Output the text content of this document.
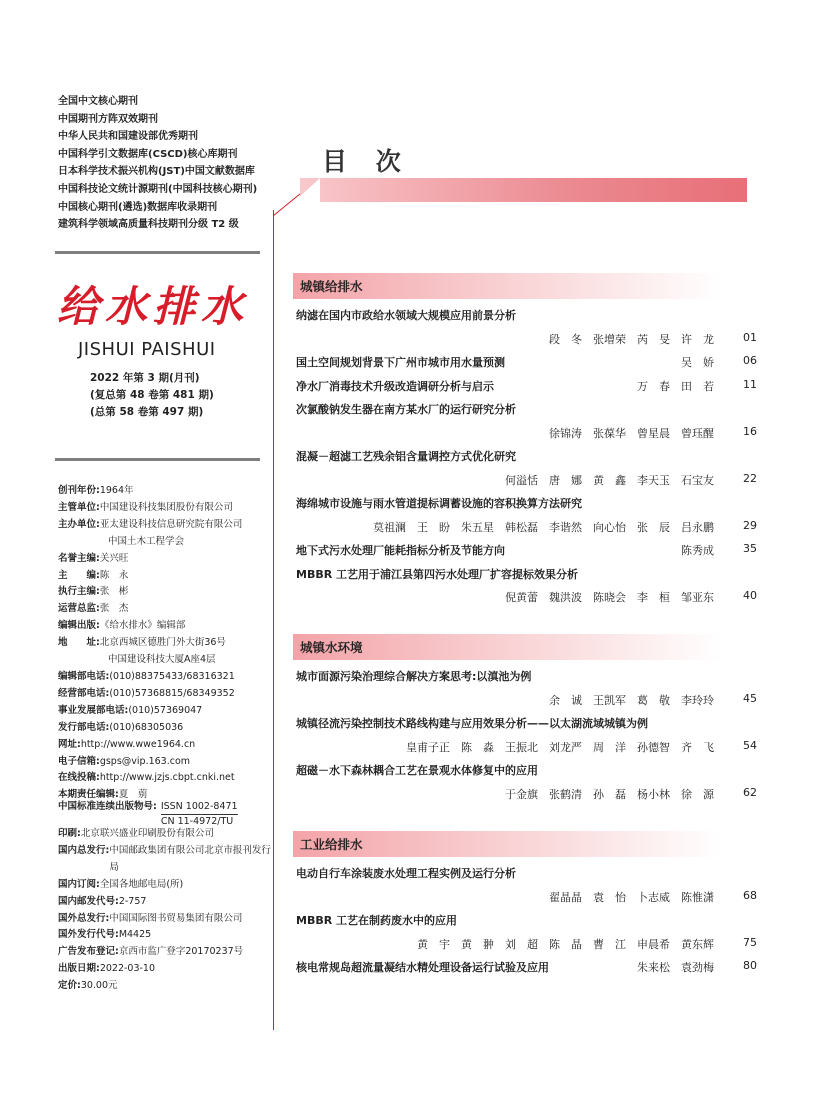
全国中文核心期刊
中国期刊方阵双效期刊
中华人民共和国建设部优秀期刊
中国科学引文数据库(CSCD)核心库期刊
日本科学技术振兴机构(JST)中国文献数据库
中国科技论文统计源期刊(中国科技核心期刊)
中国核心期刊(遴选)数据库收录期刊
建筑科学领域高质量科技期刊分级 T2 级
给水排水
JISHUI PAISHUI
2022 年第 3 期(月刊)
(复总第 48 卷第 481 期)
(总第 58 卷第 497 期)
创刊年份: 1964年
主管单位: 中国建设科技集团股份有限公司
主办单位: 亚太建设科技信息研究院有限公司
中国土木工程学会
名誉主编: 关兴旺
主　　编: 陈　永
执行主编: 张　彬
运营总监: 张　杰
编辑出版: 《给水排水》编辑部
地　　址: 北京西城区德胜门外大街36号
中国建设科技大厦A座4层
编辑部电话: (010)88375433/68316321
经营部电话: (010)57368815/68349352
事业发展部电话: (010)57369047
发行部电话: (010)68305036
网址: http://www.wwe1964.cn
电子信箱: gsps@vip.163.com
在线投稿: http://www.jzjs.cbpt.cnki.net
本期责任编辑: 夏　莂
中国标准连续出版物号: ISSN 1002-8471
CN 11-4972/TU
印刷: 北京联兴盛业印刷股份有限公司
国内总发行: 中国邮政集团有限公司北京市报刊发行局
国内订阅: 全国各地邮电局(所)
国内邮发代号: 2-757
国外总发行: 中国国际图书贸易集团有限公司
国外发行代号: M4425
广告发布登记: 京西市监广登字20170237号
出版日期: 2022-03-10
定价: 30.00元
目 次
城镇给排水
纳滤在国内市政给水领域大规模应用前景分析
段　冬　张增荣　芮　旻　许　龙	01
国土空间规划背景下广州市城市用水量预测	吴　娇	06
净水厂消毒技术升级改造调研分析与启示	万　春　田　若	11
次氯酸钠发生器在南方某水厂的运行研究分析
徐锦涛　张葆华　曾星晨　曾珏醒	16
混凝－超滤工艺残余铝含量调控方式优化研究
何溢恬　唐　娜　黄　鑫　李天玉　石宝友	22
海绵城市设施与雨水管道提标调蓄设施的容积换算方法研究
莫祖澜　王　盼　朱五星　韩松磊　李谐然　向心怡　张　辰　吕永鹏	29
地下式污水处理厂能耗指标分析及节能方向	陈秀成	35
MBBR 工艺用于浦江县第四污水处理厂扩容提标效果分析
倪黄蕾　魏洪波　陈晓会　李　桓　邹亚东	40
城镇水环境
城市面源污染治理综合解决方案思考:以滇池为例
余　诚　王凯军　葛　敬　李玲玲	45
城镇径流污染控制技术路线构建与应用效果分析——以太湖流域城镇为例
皇甫子正　陈　淼　王振北　刘龙严　周　洋　孙德智　齐　飞	54
超磁－水下森林耦合工艺在景观水体修复中的应用
于金旗　张鹤清　孙　磊　杨小林　徐　源	62
工业给排水
电动自行车涂装废水处理工程实例及运行分析
翟晶晶　袁　怡　卜志威　陈惟潇	68
MBBR 工艺在制药废水中的应用
黄　宇　黄　翀　刘　超　陈　晶　曹　江　申晨希　黄东辉	75
核电常规岛超流量凝结水精处理设备运行试验及应用	朱来松　袁劲梅	80
